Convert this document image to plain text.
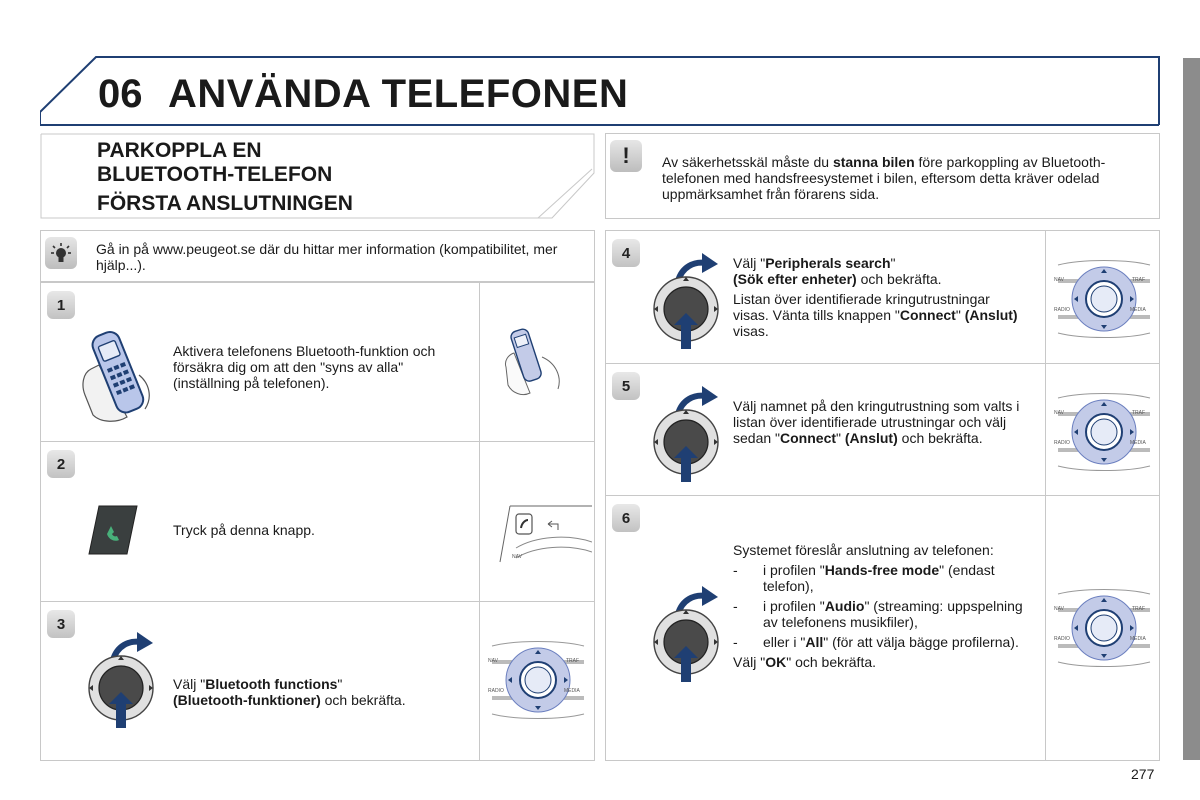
06 ANVÄNDA TELEFONEN
PARKOPPLA EN
BLUETOOTH-TELEFON
FÖRSTA ANSLUTNINGEN
!	Av säkerhetsskäl måste du stanna bilen före parkoppling av Bluetooth-telefonen med handsfreesystemet i bilen, eftersom detta kräver odelad uppmärksamhet från förarens sida.
Gå in på www.peugeot.se där du hittar mer information (kompatibilitet, mer hjälp...).
1
Aktivera telefonens Bluetooth-funktion och försäkra dig om att den "syns av alla" (inställning på telefonen).
2
Tryck på denna knapp.
NAV
3
Välj "Bluetooth functions"
(Bluetooth-funktioner) och bekräfta.
NAV	TRAF
RADIO	MEDIA
4
Välj "Peripherals search"
(Sök efter enheter) och bekräfta.
Listan över identifierade kringutrustningar visas. Vänta tills knappen "Connect" (Anslut) visas.
NAV	TRAF
RADIO	MEDIA
5
Välj namnet på den kringutrustning som valts i listan över identifierade utrustningar och välj sedan "Connect" (Anslut) och bekräfta.
NAV	TRAF
RADIO	MEDIA
6
Systemet föreslår anslutning av telefonen:
- i profilen "Hands-free mode" (endast telefon),
- i profilen "Audio" (streaming: uppspelning av telefonens musikfiler),
- eller i "All" (för att välja bägge profilerna).
Välj "OK" och bekräfta.
NAV	TRAF
RADIO	MEDIA
277
